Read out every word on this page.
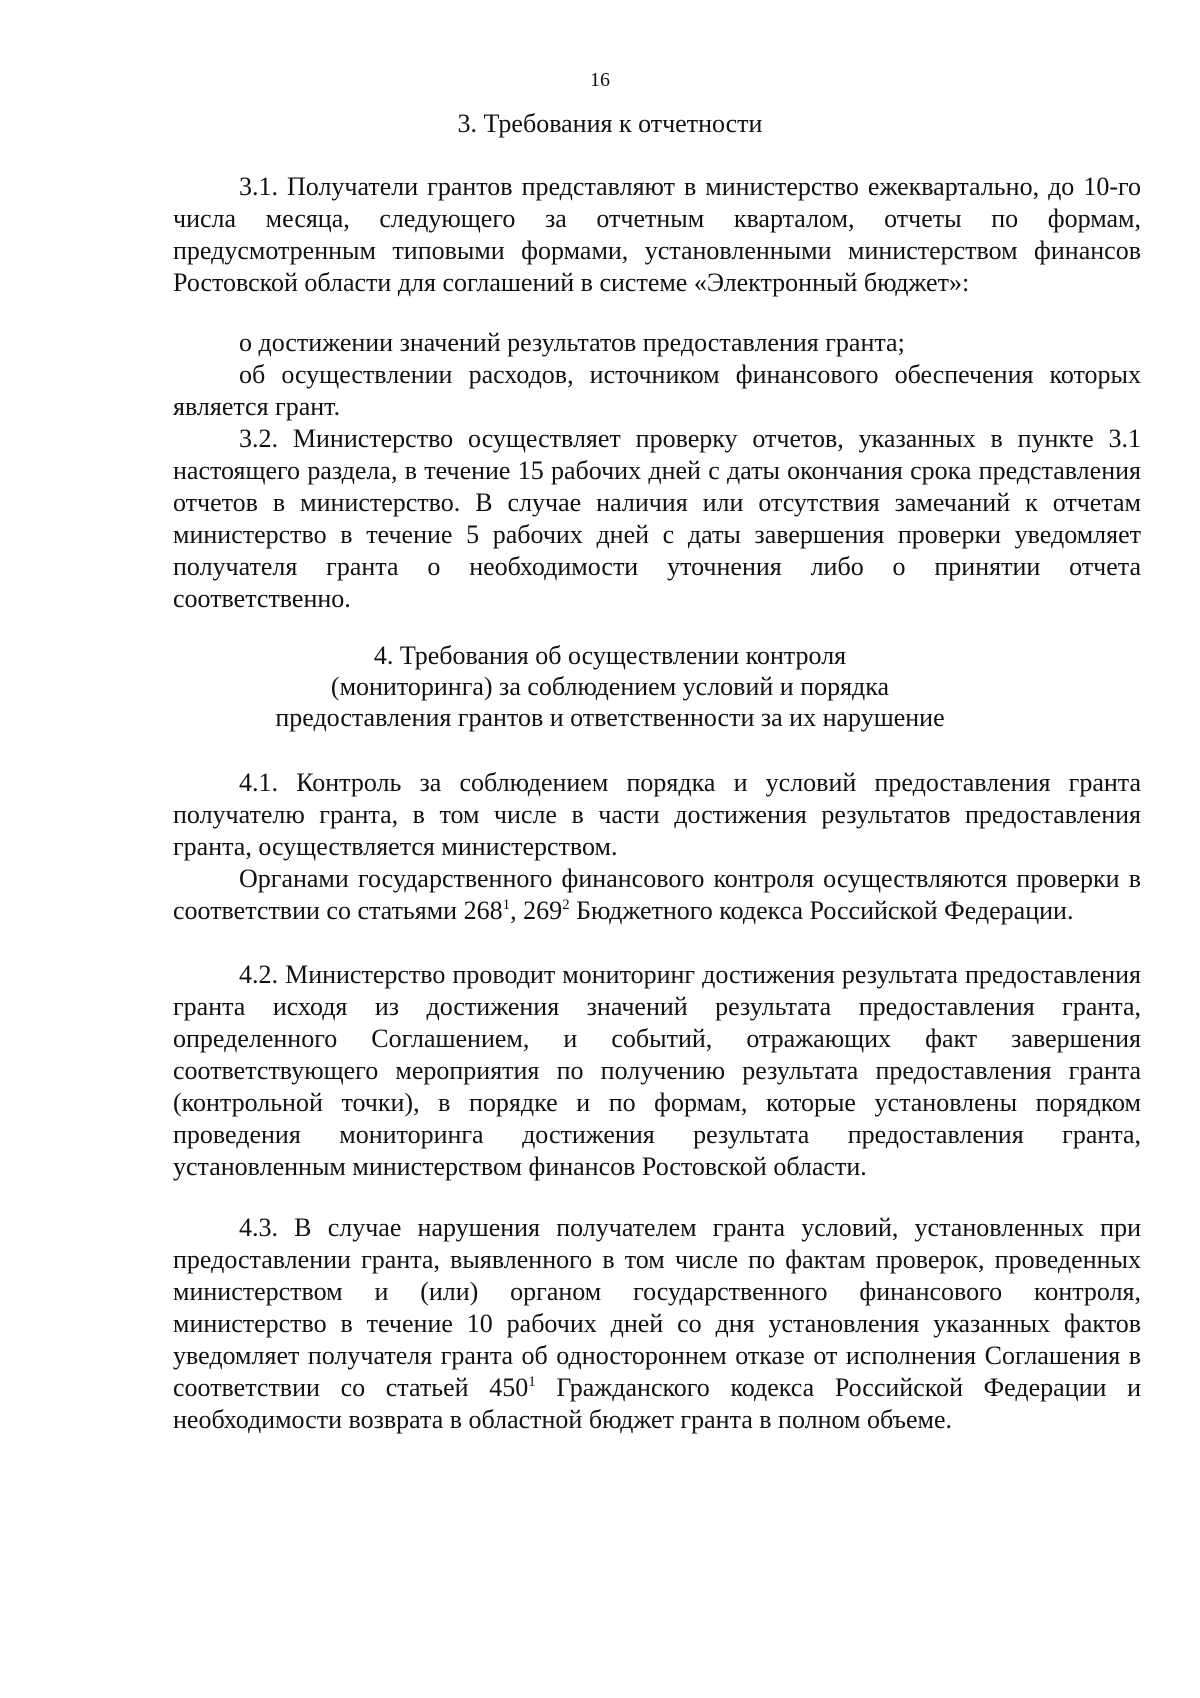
16
3. Требования к отчетности

3.1. Получатели грантов представляют в министерство ежеквартально, до 10-го числа месяца, следующего за отчетным кварталом, отчеты по формам, предусмотренным типовыми формами, установленными министерством финансов Ростовской области для соглашений в системе «Электронный бюджет»:

о достижении значений результатов предоставления гранта;

об осуществлении расходов, источником финансового обеспечения которых является грант.

3.2. Министерство осуществляет проверку отчетов, указанных в пункте 3.1 настоящего раздела, в течение 15 рабочих дней с даты окончания срока представления отчетов в министерство. В случае наличия или отсутствия замечаний к отчетам министерство в течение 5 рабочих дней с даты завершения проверки уведомляет получателя гранта о необходимости уточнения либо о принятии отчета соответственно.

4. Требования об осуществлении контроля
(мониторинга) за соблюдением условий и порядка
предоставления грантов и ответственности за их нарушение

4.1. Контроль за соблюдением порядка и условий предоставления гранта получателю гранта, в том числе в части достижения результатов предоставления гранта, осуществляется министерством.

Органами государственного финансового контроля осуществляются проверки в соответствии со статьями $268^1$, $269^2$ Бюджетного кодекса Российской Федерации.

4.2. Министерство проводит мониторинг достижения результата предоставления гранта исходя из достижения значений результата предоставления гранта, определенного Соглашением, и событий, отражающих факт завершения соответствующего мероприятия по получению результата предоставления гранта (контрольной точки), в порядке и по формам, которые установлены порядком проведения мониторинга достижения результата предоставления гранта, установленным министерством финансов Ростовской области.

4.3. В случае нарушения получателем гранта условий, установленных при предоставлении гранта, выявленного в том числе по фактам проверок, проведенных министерством и (или) органом государственного финансового контроля, министерство в течение 10 рабочих дней со дня установления указанных фактов уведомляет получателя гранта об одностороннем отказе от исполнения Соглашения в соответствии со статьей $450^1$ Гражданского кодекса Российской Федерации и необходимости возврата в областной бюджет гранта в полном объеме.
